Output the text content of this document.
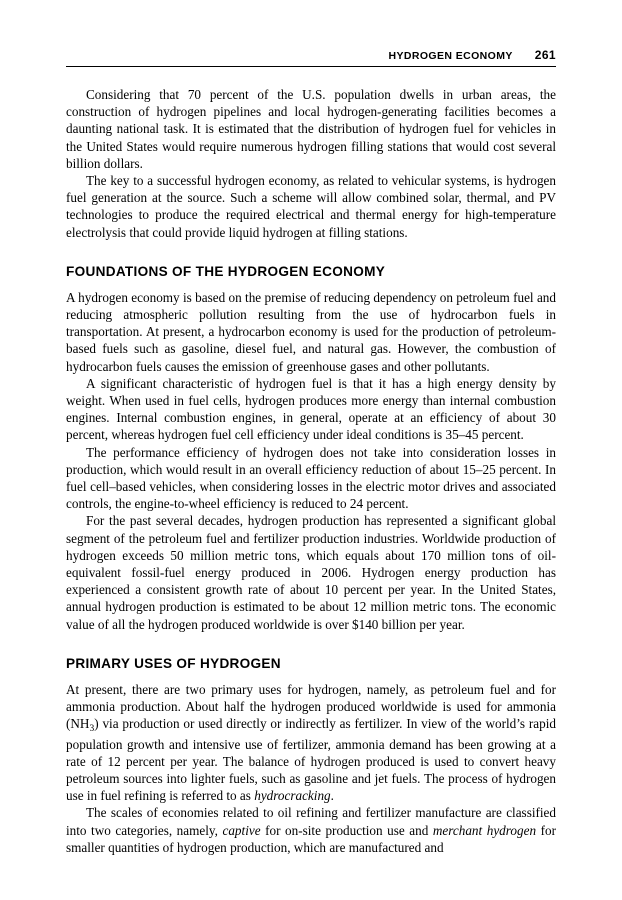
HYDROGEN ECONOMY 261

Considering that 70 percent of the U.S. population dwells in urban areas, the construction of hydrogen pipelines and local hydrogen-generating facilities becomes a daunting national task. It is estimated that the distribution of hydrogen fuel for vehicles in the United States would require numerous hydrogen filling stations that would cost several billion dollars.

The key to a successful hydrogen economy, as related to vehicular systems, is hydrogen fuel generation at the source. Such a scheme will allow combined solar, thermal, and PV technologies to produce the required electrical and thermal energy for high-temperature electrolysis that could provide liquid hydrogen at filling stations.

FOUNDATIONS OF THE HYDROGEN ECONOMY

A hydrogen economy is based on the premise of reducing dependency on petroleum fuel and reducing atmospheric pollution resulting from the use of hydrocarbon fuels in transportation. At present, a hydrocarbon economy is used for the production of petroleum-based fuels such as gasoline, diesel fuel, and natural gas. However, the combustion of hydrocarbon fuels causes the emission of greenhouse gases and other pollutants.

A significant characteristic of hydrogen fuel is that it has a high energy density by weight. When used in fuel cells, hydrogen produces more energy than internal combustion engines. Internal combustion engines, in general, operate at an efficiency of about 30 percent, whereas hydrogen fuel cell efficiency under ideal conditions is 35–45 percent.

The performance efficiency of hydrogen does not take into consideration losses in production, which would result in an overall efficiency reduction of about 15–25 percent. In fuel cell–based vehicles, when considering losses in the electric motor drives and associated controls, the engine-to-wheel efficiency is reduced to 24 percent.

For the past several decades, hydrogen production has represented a significant global segment of the petroleum fuel and fertilizer production industries. Worldwide production of hydrogen exceeds 50 million metric tons, which equals about 170 million tons of oil-equivalent fossil-fuel energy produced in 2006. Hydrogen energy production has experienced a consistent growth rate of about 10 percent per year. In the United States, annual hydrogen production is estimated to be about 12 million metric tons. The economic value of all the hydrogen produced worldwide is over $140 billion per year.

PRIMARY USES OF HYDROGEN

At present, there are two primary uses for hydrogen, namely, as petroleum fuel and for ammonia production. About half the hydrogen produced worldwide is used for ammonia $(NH_3)$ via production or used directly or indirectly as fertilizer. In view of the world’s rapid population growth and intensive use of fertilizer, ammonia demand has been growing at a rate of 12 percent per year. The balance of hydrogen produced is used to convert heavy petroleum sources into lighter fuels, such as gasoline and jet fuels. The process of hydrogen use in fuel refining is referred to as hydrocracking.

The scales of economies related to oil refining and fertilizer manufacture are classified into two categories, namely, captive for on-site production use and merchant hydrogen for smaller quantities of hydrogen production, which are manufactured and
